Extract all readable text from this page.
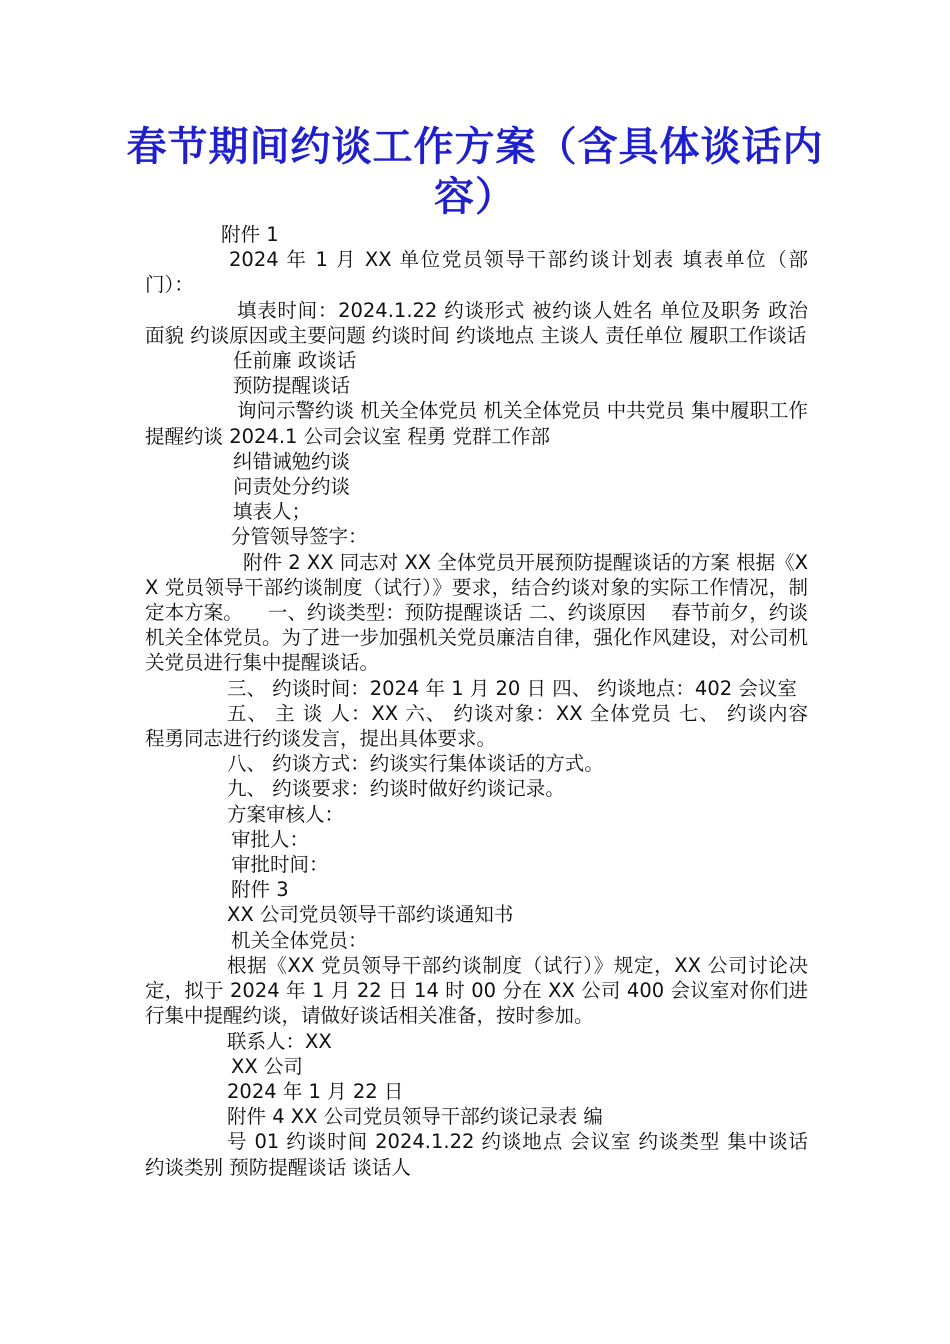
春节期间约谈工作方案（含具体谈话内容）

附件 1

2024 年 1 月 XX 单位党员领导干部约谈计划表 填表单位（部门）：

填表时间：2024.1.22 约谈形式 被约谈人姓名 单位及职务 政治面貌 约谈原因或主要问题 约谈时间 约谈地点 主谈人 责任单位 履职工作谈话

任前廉 政谈话

预防提醒谈话

询问示警约谈 机关全体党员 机关全体党员 中共党员 集中履职工作提醒约谈 2024.1 公司会议室 程勇 党群工作部

纠错诫勉约谈

问责处分约谈

填表人；

分管领导签字：

附件 2 XX 同志对 XX 全体党员开展预防提醒谈话的方案 根据《XX 党员领导干部约谈制度（试行）》要求，结合约谈对象的实际工作情况，制定本方案。    一、约谈类型：预防提醒谈话 二、约谈原因    春节前夕，约谈机关全体党员。为了进一步加强机关党员廉洁自律，强化作风建设，对公司机关党员进行集中提醒谈话。

三、 约谈时间：2024 年 1 月 20 日 四、 约谈地点：402 会议室

五、 主 谈 人：XX 六、 约谈对象：XX 全体党员 七、 约谈内容    程勇同志进行约谈发言，提出具体要求。

八、 约谈方式：约谈实行集体谈话的方式。

九、 约谈要求：约谈时做好约谈记录。

方案审核人：

审批人：

审批时间：

附件 3

XX 公司党员领导干部约谈通知书

机关全体党员：

根据《XX 党员领导干部约谈制度（试行）》规定，XX 公司讨论决定，拟于 2024 年 1 月 22 日 14 时 00 分在 XX 公司 400 会议室对你们进行集中提醒约谈，请做好谈话相关准备，按时参加。

联系人：XX

XX 公司

2024 年 1 月 22 日

附件 4 XX 公司党员领导干部约谈记录表 编

号 01 约谈时间 2024.1.22 约谈地点 会议室 约谈类型 集中谈话 约谈类别 预防提醒谈话 谈话人
